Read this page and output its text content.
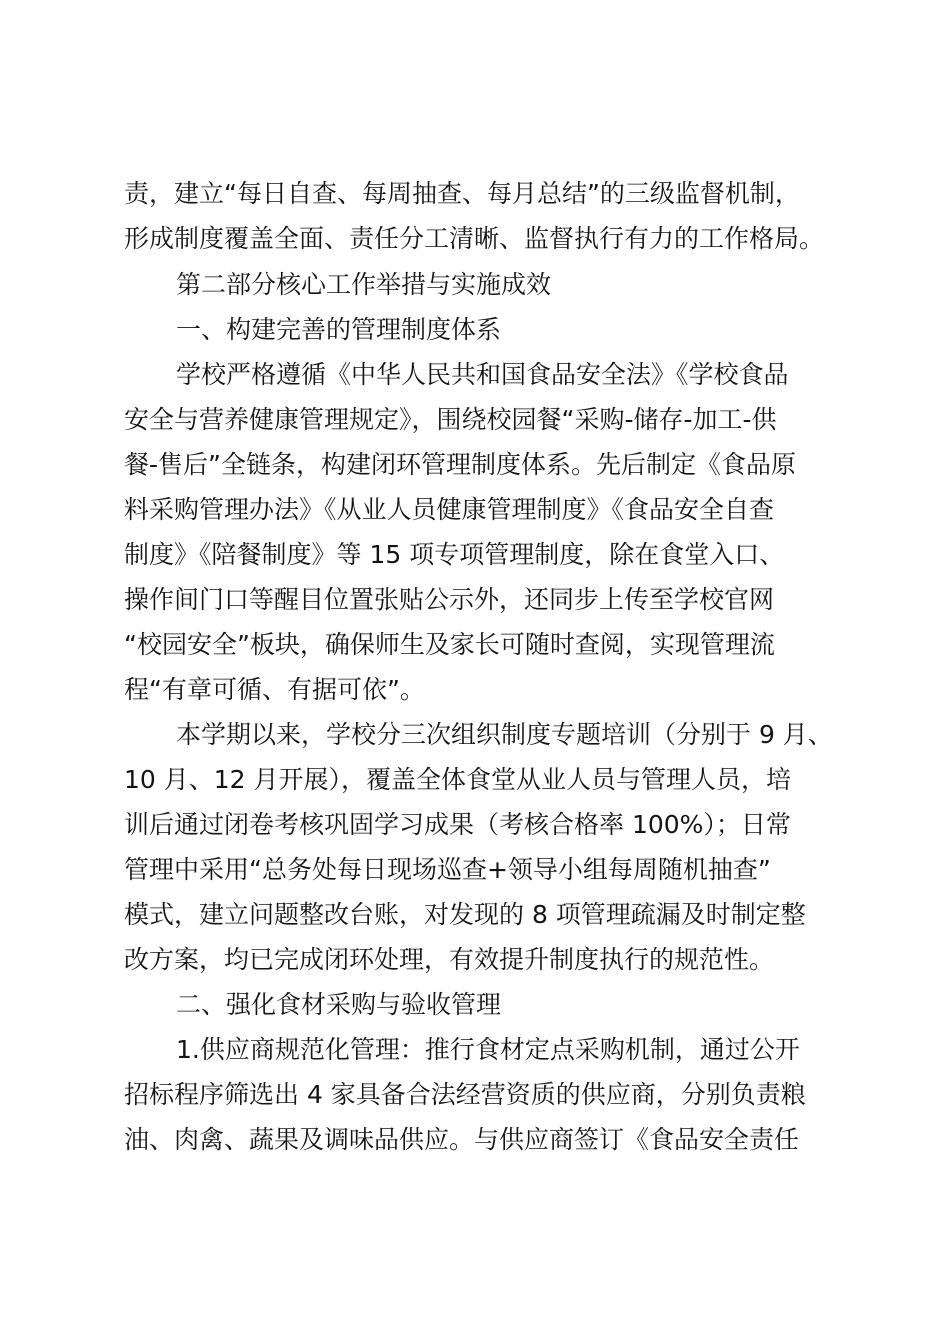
责，建立“每日自查、每周抽查、每月总结”的三级监督机制，
形成制度覆盖全面、责任分工清晰、监督执行有力的工作格局。
第二部分核心工作举措与实施成效
一、构建完善的管理制度体系
学校严格遵循《中华人民共和国食品安全法》《学校食品
安全与营养健康管理规定》，围绕校园餐“采购-储存-加工-供
餐-售后”全链条，构建闭环管理制度体系。先后制定《食品原
料采购管理办法》《从业人员健康管理制度》《食品安全自查
制度》《陪餐制度》等 15 项专项管理制度，除在食堂入口、
操作间门口等醒目位置张贴公示外，还同步上传至学校官网
“校园安全”板块，确保师生及家长可随时查阅，实现管理流
程“有章可循、有据可依”。
本学期以来，学校分三次组织制度专题培训（分别于 9 月、
10 月、12 月开展），覆盖全体食堂从业人员与管理人员，培
训后通过闭卷考核巩固学习成果（考核合格率 100%）；日常
管理中采用“总务处每日现场巡查+领导小组每周随机抽查”
模式，建立问题整改台账，对发现的 8 项管理疏漏及时制定整
改方案，均已完成闭环处理，有效提升制度执行的规范性。
二、强化食材采购与验收管理
1.供应商规范化管理：推行食材定点采购机制，通过公开
招标程序筛选出 4 家具备合法经营资质的供应商，分别负责粮
油、肉禽、蔬果及调味品供应。与供应商签订《食品安全责任
